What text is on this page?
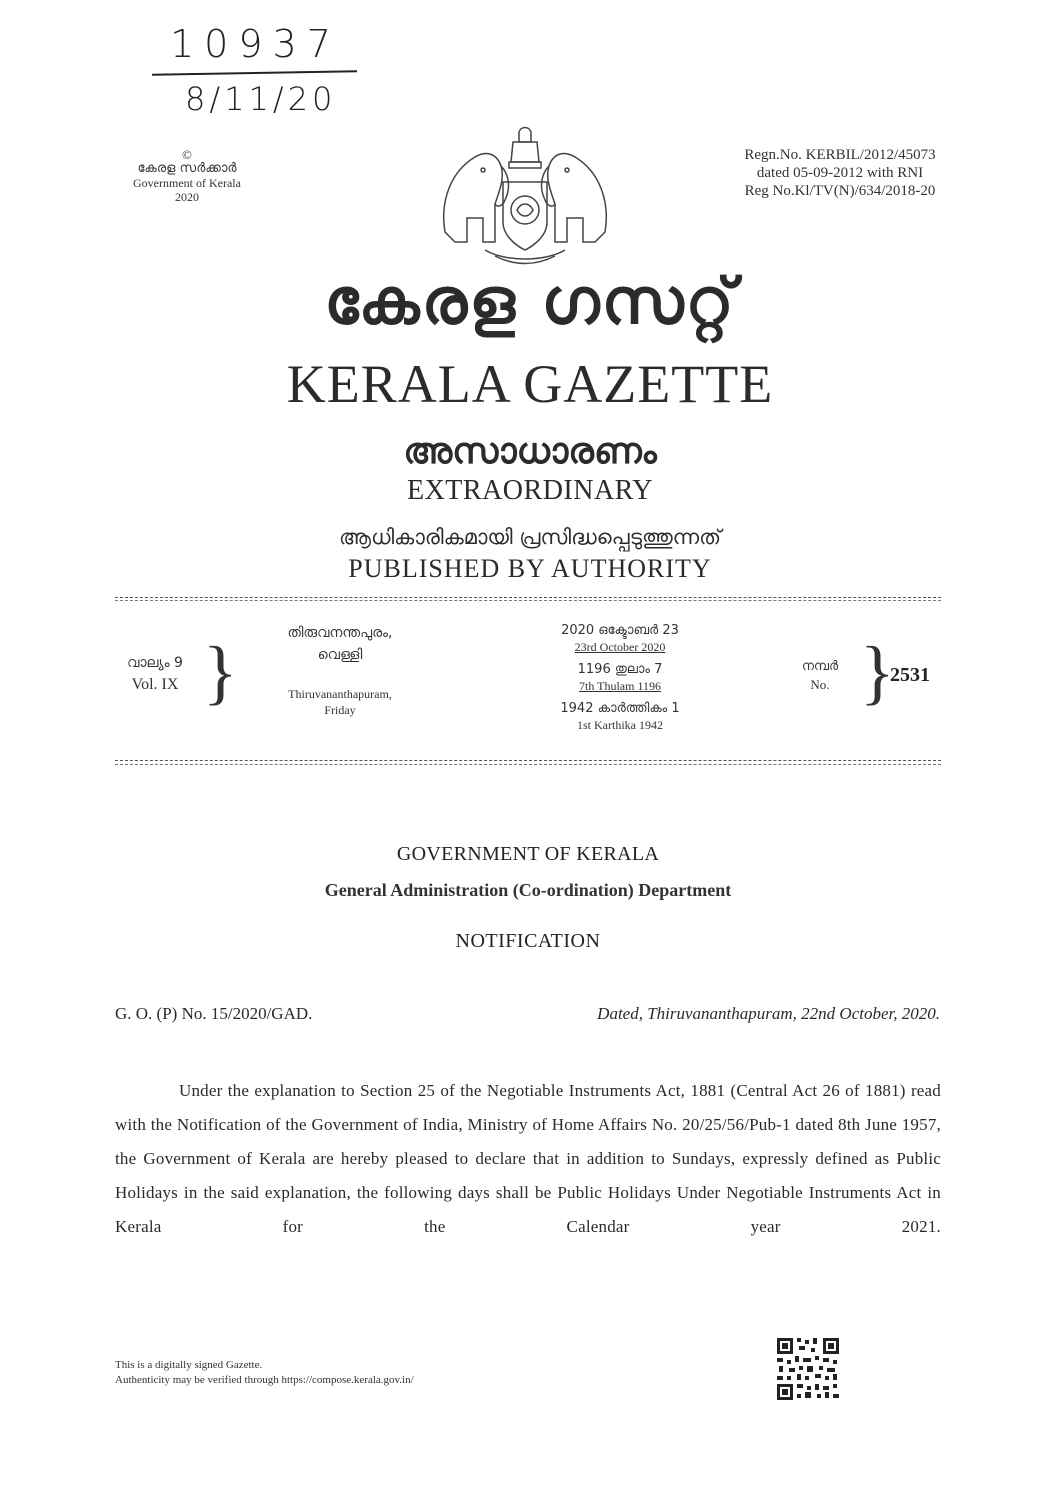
10937
8/11/20
©
കേരള സർക്കാർ
Government of Kerala
2020
Regn.No. KERBIL/2012/45073
dated 05-09-2012 with RNI
Reg No.Kl/TV(N)/634/2018-20
കേരള ഗസറ്റ്
KERALA GAZETTE
അസാധാരണം
EXTRAORDINARY
ആധികാരികമായി പ്രസിദ്ധപ്പെടുത്തുന്നത്
PUBLISHED BY AUTHORITY
വാല്യം 9
Vol. IX }	തിരുവനന്തപുരം,
വെള്ളി
Thiruvananthapuram,
Friday
2020 ഒക്ടോബർ 23
23rd October 2020
1196 തുലാം 7
7th Thulam 1196
1942 കാർത്തികം 1
1st Karthika 1942
നമ്പർ
No. }
2531
GOVERNMENT OF KERALA
General Administration (Co-ordination) Department
NOTIFICATION
G. O. (P) No. 15/2020/GAD.	Dated, Thiruvananthapuram, 22nd October, 2020.
Under the explanation to Section 25 of the Negotiable Instruments Act, 1881 (Central Act 26 of 1881) read with the Notification of the Government of India, Ministry of Home Affairs No. 20/25/56/Pub-1 dated 8th June 1957, the Government of Kerala are hereby pleased to declare that in addition to Sundays, expressly defined as Public Holidays in the said explanation, the following days shall be Public Holidays Under Negotiable Instruments Act in Kerala for the Calendar year 2021.
This is a digitally signed Gazette.
Authenticity may be verified through https://compose.kerala.gov.in/
